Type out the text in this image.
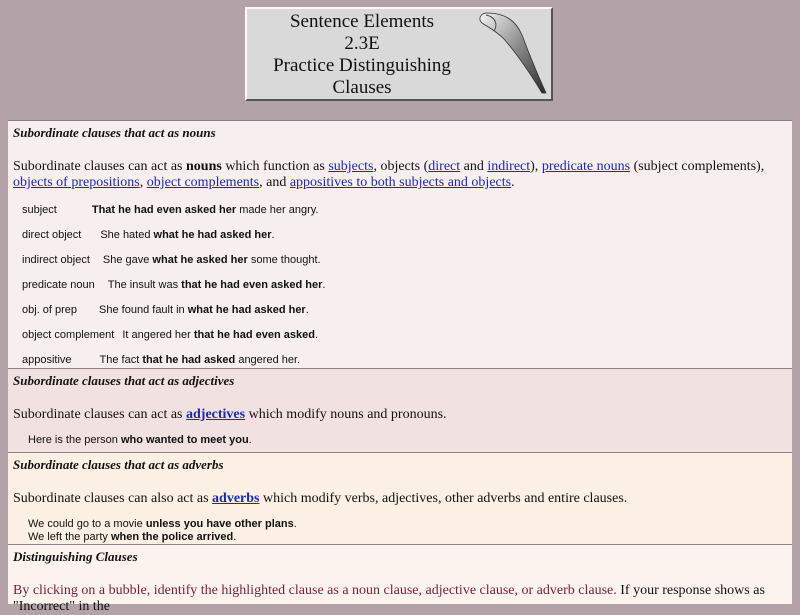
Sentence Elements
2.3E
Practice Distinguishing
Clauses

Subordinate clauses that act as nouns

Subordinate clauses can act as nouns which function as subjects, objects (direct and indirect), predicate nouns (subject complements), objects of prepositions, object complements, and appositives to both subjects and objects.

subject	That he had even asked her made her angry.
direct object She hated what he had asked her.
indirect object She gave what he asked her some thought.
predicate noun The insult was that he had even asked her.
obj. of prep She found fault in what he had asked her.
object complement It angered her that he had even asked.
appositive	The fact that he had asked angered her.

Subordinate clauses that act as adjectives

Subordinate clauses can act as adjectives which modify nouns and pronouns.

Here is the person who wanted to meet you.

Subordinate clauses that act as adverbs

Subordinate clauses can also act as adverbs which modify verbs, adjectives, other adverbs and entire clauses.

We could go to a movie unless you have other plans.
We left the party when the police arrived.

Distinguishing Clauses

By clicking on a bubble, identify the highlighted clause as a noun clause, adjective clause, or adverb clause. If your response shows as "Incorrect" in the
